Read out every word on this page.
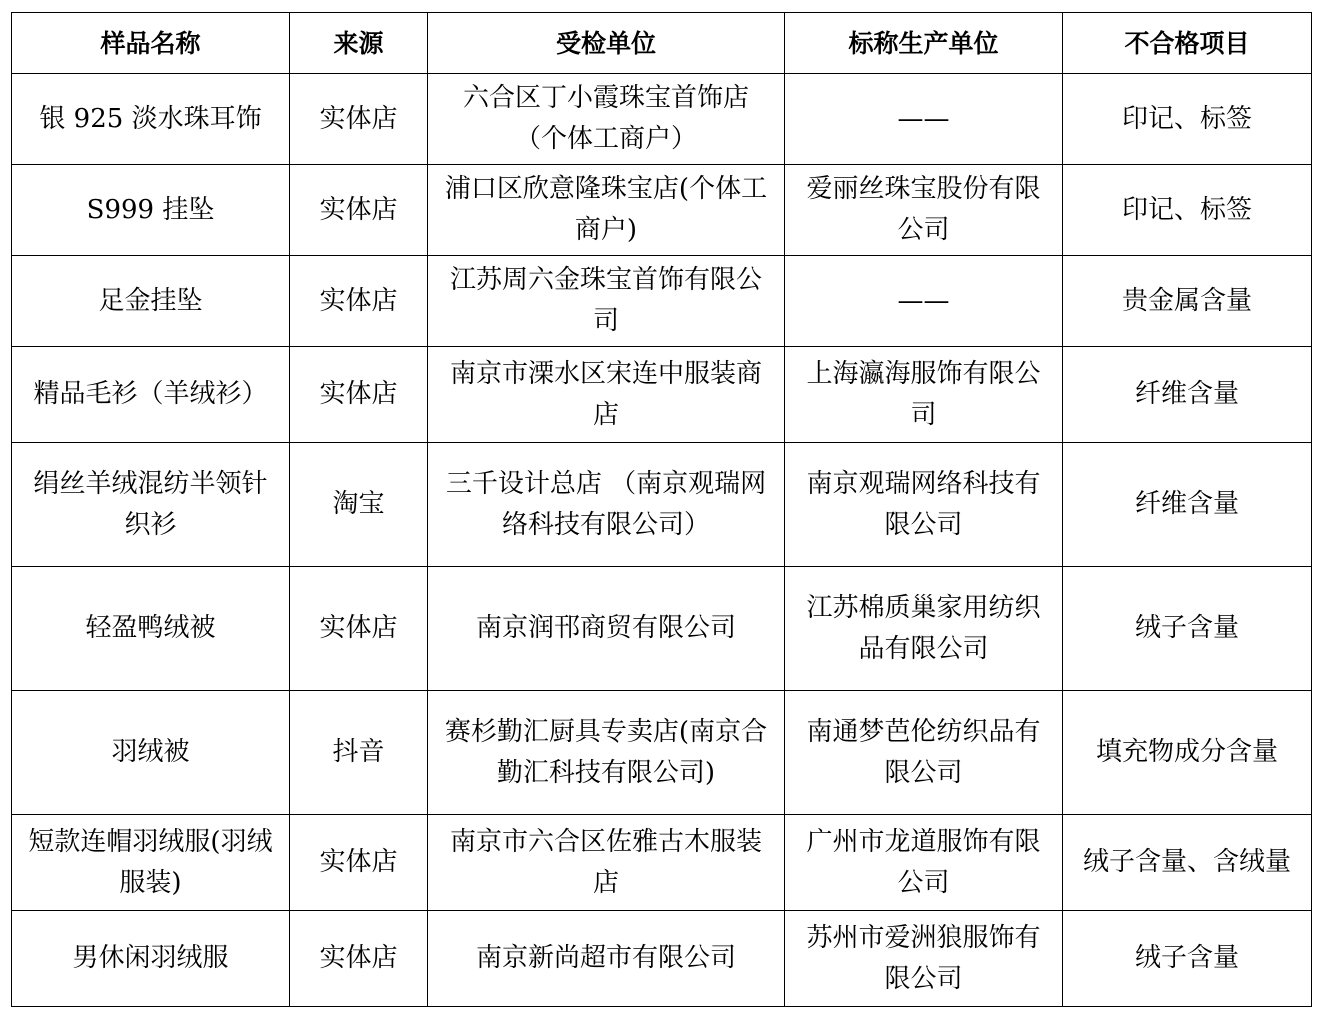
样品名称	来源	受检单位	标称生产单位	不合格项目
银 925 淡水珠耳饰	实体店	六合区丁小霞珠宝首饰店（个体工商户）	——	印记、标签
S999 挂坠	实体店	浦口区欣意隆珠宝店(个体工商户)	爱丽丝珠宝股份有限公司	印记、标签
足金挂坠	实体店	江苏周六金珠宝首饰有限公司	——	贵金属含量
精品毛衫（羊绒衫）	实体店	南京市溧水区宋连中服装商店	上海瀛海服饰有限公司	纤维含量
绢丝羊绒混纺半领针织衫	淘宝	三千设计总店 （南京观瑞网络科技有限公司）	南京观瑞网络科技有限公司	纤维含量
轻盈鸭绒被	实体店	南京润邗商贸有限公司	江苏棉质巢家用纺织品有限公司	绒子含量
羽绒被	抖音	赛杉勤汇厨具专卖店(南京合勤汇科技有限公司)	南通梦芭伦纺织品有限公司	填充物成分含量
短款连帽羽绒服(羽绒服装)	实体店	南京市六合区佐雅古木服装店	广州市龙道服饰有限公司	绒子含量、含绒量
男休闲羽绒服	实体店	南京新尚超市有限公司	苏州市爱洲狼服饰有限公司	绒子含量
